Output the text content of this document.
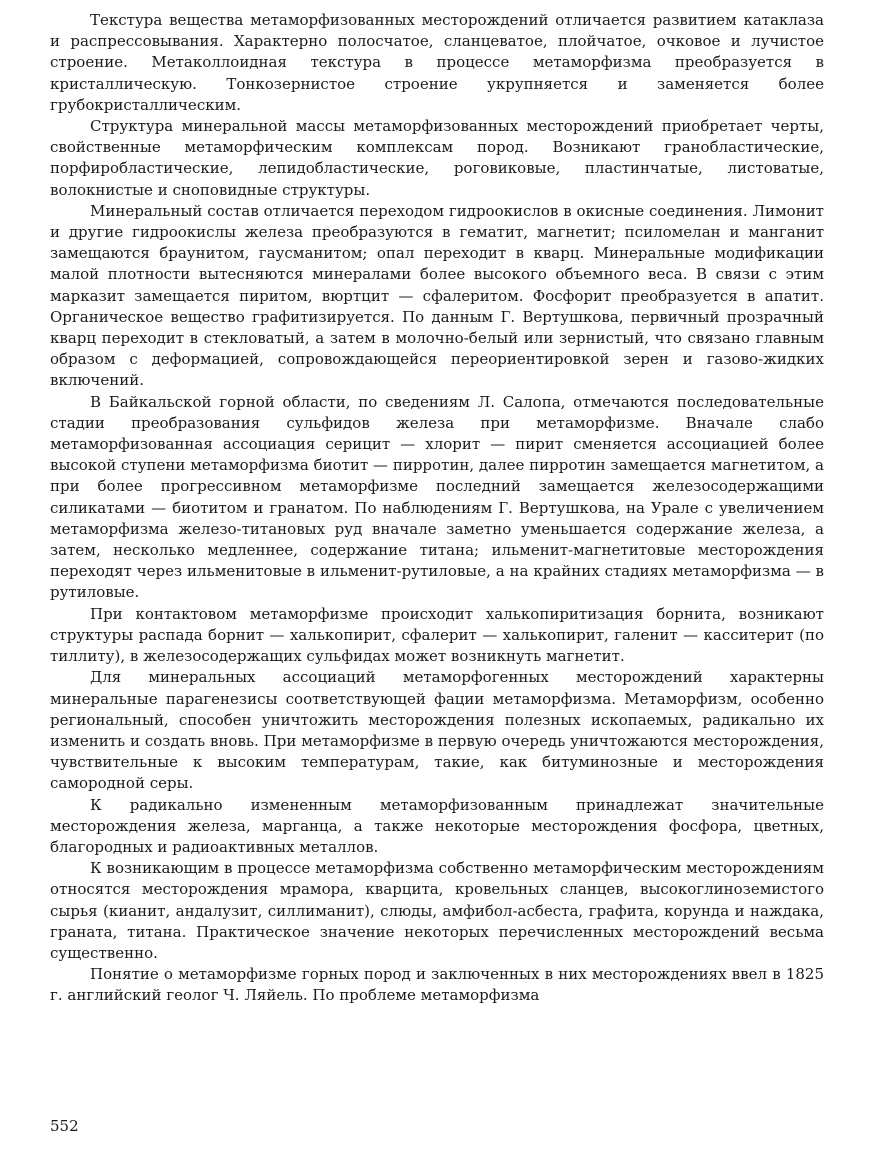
Текстура вещества метаморфизованных месторождений отличается развитием катаклаза и распрессовывания. Характерно полосчатое, сланцеватое, плойчатое, очковое и лучистое строение. Метаколлоидная текстура в процессе метаморфизма преобразуется в кристаллическую. Тонкозернистое строение укрупняется и заменяется более грубокристаллическим.

Структура минеральной массы метаморфизованных месторождений приобретает черты, свойственные метаморфическим комплексам пород. Возникают гранобластические, порфиробластические, лепидобластические, роговиковые, пластинчатые, листоватые, волокнистые и сноповидные структуры.

Минеральный состав отличается переходом гидроокислов в окисные соединения. Лимонит и другие гидроокислы железа преобразуются в гематит, магнетит; псиломелан и манганит замещаются браунитом, гаусманитом; опал переходит в кварц. Минеральные модификации малой плотности вытесняются минералами более высокого объемного веса. В связи с этим марказит замещается пиритом, вюртцит — сфалеритом. Фосфорит преобразуется в апатит. Органическое вещество графитизируется. По данным Г. Вертушкова, первичный прозрачный кварц переходит в стекловатый, а затем в молочно-белый или зернистый, что связано главным образом с деформацией, сопровождающейся переориентировкой зерен и газово-жидких включений.

В Байкальской горной области, по сведениям Л. Салопа, отмечаются последовательные стадии преобразования сульфидов железа при метаморфизме. Вначале слабо метаморфизованная ассоциация серицит — хлорит — пирит сменяется ассоциацией более высокой ступени метаморфизма биотит — пирротин, далее пирротин замещается магнетитом, а при более прогрессивном метаморфизме последний замещается железосодержащими силикатами — биотитом и гранатом. По наблюдениям Г. Вертушкова, на Урале с увеличением метаморфизма железо-титановых руд вначале заметно уменьшается содержание железа, а затем, несколько медленнее, содержание титана; ильменит-магнетитовые месторождения переходят через ильменитовые в ильменит-рутиловые, а на крайних стадиях метаморфизма — в рутиловые.

При контактовом метаморфизме происходит халькопиритизация борнита, возникают структуры распада борнит — халькопирит, сфалерит — халькопирит, галенит — касситерит (по тиллиту), в железосодержащих сульфидах может возникнуть магнетит.

Для минеральных ассоциаций метаморфогенных месторождений характерны минеральные парагенезисы соответствующей фации метаморфизма. Метаморфизм, особенно региональный, способен уничтожить месторождения полезных ископаемых, радикально их изменить и создать вновь. При метаморфизме в первую очередь уничтожаются месторождения, чувствительные к высоким температурам, такие, как битуминозные и месторождения самородной серы.

К радикально измененным метаморфизованным принадлежат значительные месторождения железа, марганца, а также некоторые месторождения фосфора, цветных, благородных и радиоактивных металлов.

К возникающим в процессе метаморфизма собственно метаморфическим месторождениям относятся месторождения мрамора, кварцита, кровельных сланцев, высокоглиноземистого сырья (кианит, андалузит, силлиманит), слюды, амфибол-асбеста, графита, корунда и наждака, граната, титана. Практическое значение некоторых перечисленных месторождений весьма существенно.

Понятие о метаморфизме горных пород и заключенных в них месторождениях ввел в 1825 г. английский геолог Ч. Ляйель. По проблеме метаморфизма

552
